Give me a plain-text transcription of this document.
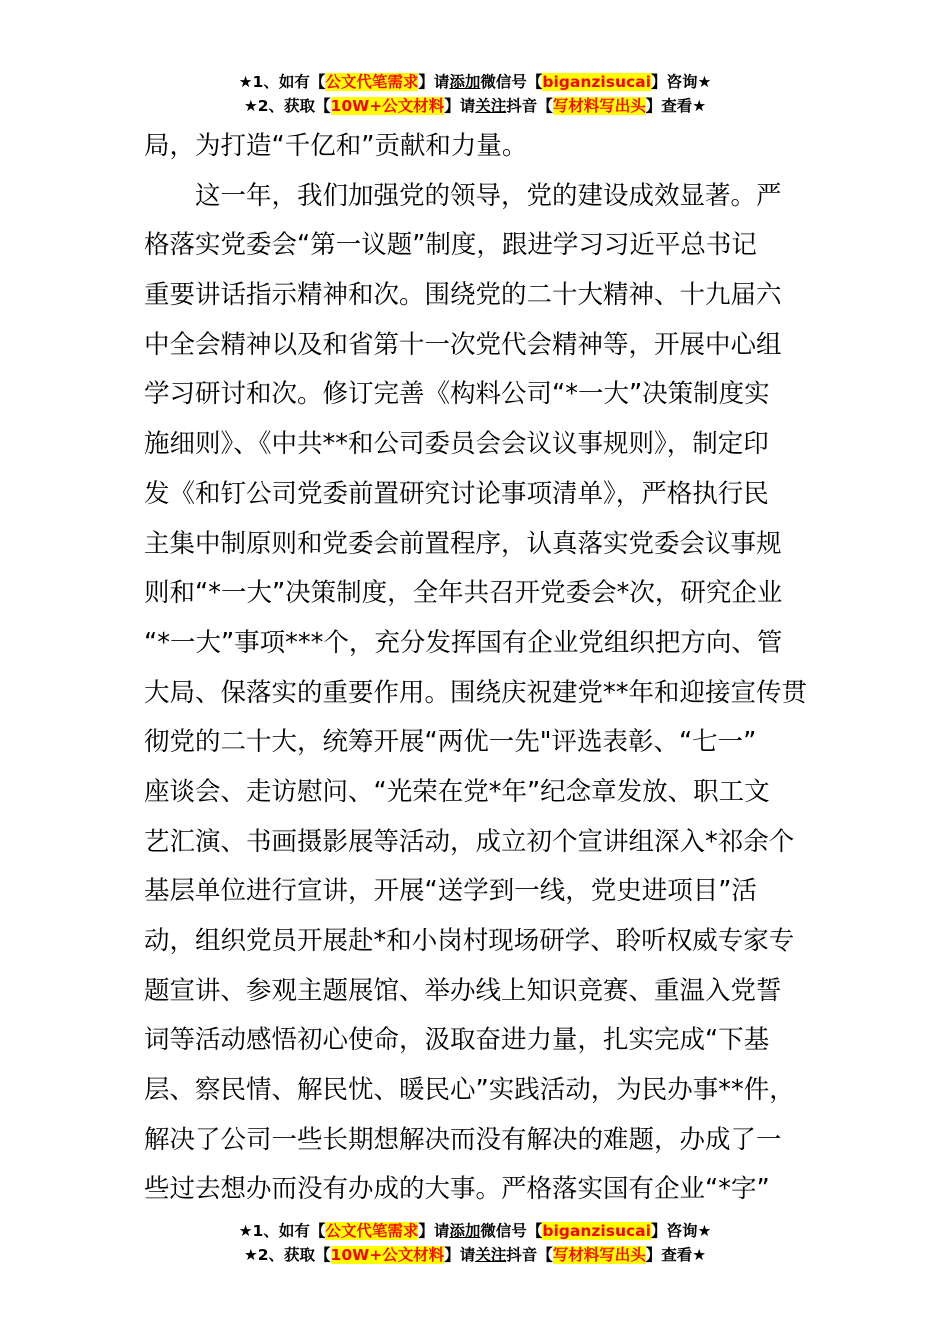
★1、如有【公文代笔需求】请添加微信号【biganzisucai】咨询★
★2、获取【10W+公文材料】请关注抖音【写材料写出头】查看★
局，为打造“千亿和”贡献和力量。
这一年，我们加强党的领导，党的建设成效显著。严
格落实党委会“第一议题”制度，跟进学习习近平总书记
重要讲话指示精神和次。围绕党的二十大精神、十九届六
中全会精神以及和省第十一次党代会精神等，开展中心组
学习研讨和次。修订完善《构料公司“*一大”决策制度实
施细则》、《中共**和公司委员会会议议事规则》，制定印
发《和钉公司党委前置研究讨论事项清单》，严格执行民
主集中制原则和党委会前置程序，认真落实党委会议事规
则和“*一大”决策制度，全年共召开党委会*次，研究企业
“*一大”事项***个，充分发挥国有企业党组织把方向、管
大局、保落实的重要作用。围绕庆祝建党**年和迎接宣传贯
彻党的二十大，统筹开展“两优一先"评选表彰、“七一”
座谈会、走访慰问、“光荣在党*年”纪念章发放、职工文
艺汇演、书画摄影展等活动，成立初个宣讲组深入*祁余个
基层单位进行宣讲，开展“送学到一线，党史进项目”活
动，组织党员开展赴*和小岗村现场研学、聆听权威专家专
题宣讲、参观主题展馆、举办线上知识竞赛、重温入党誓
词等活动感悟初心使命，汲取奋进力量，扎实完成“下基
层、察民情、解民忧、暖民心”实践活动，为民办事**件，
解决了公司一些长期想解决而没有解决的难题，办成了一
些过去想办而没有办成的大事。严格落实国有企业“*字”
★1、如有【公文代笔需求】请添加微信号【biganzisucai】咨询★
★2、获取【10W+公文材料】请关注抖音【写材料写出头】查看★
